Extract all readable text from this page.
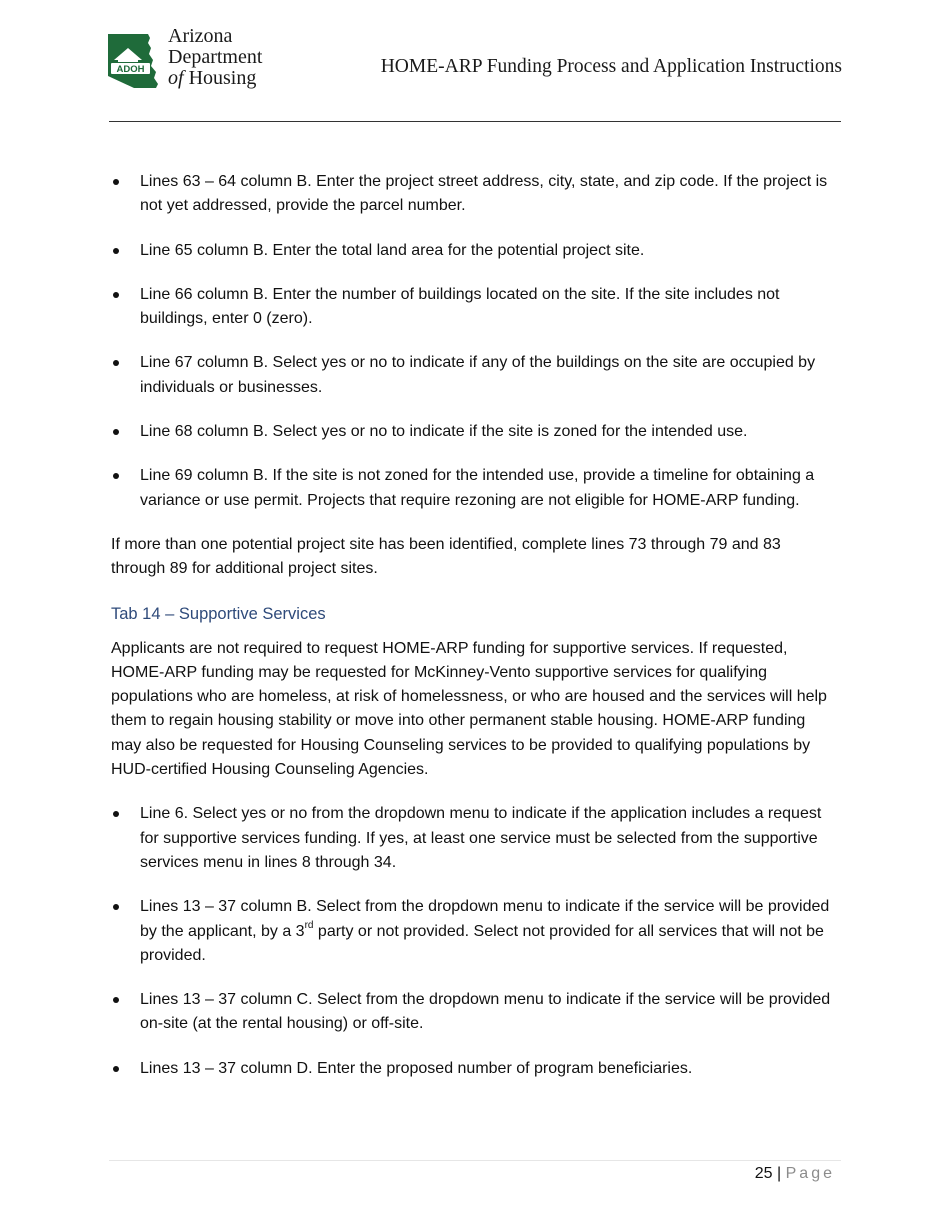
ADOH
Arizona
Department
of Housing
HOME-ARP Funding Process and Application Instructions
Lines 63 – 64 column B. Enter the project street address, city, state, and zip code. If the project is not yet addressed, provide the parcel number.
Line 65 column B. Enter the total land area for the potential project site.
Line 66 column B. Enter the number of buildings located on the site. If the site includes not buildings, enter 0 (zero).
Line 67 column B. Select yes or no to indicate if any of the buildings on the site are occupied by individuals or businesses.
Line 68 column B. Select yes or no to indicate if the site is zoned for the intended use.
Line 69 column B. If the site is not zoned for the intended use, provide a timeline for obtaining a variance or use permit. Projects that require rezoning are not eligible for HOME-ARP funding.

If more than one potential project site has been identified, complete lines 73 through 79 and 83 through 89 for additional project sites.

Tab 14 – Supportive Services

Applicants are not required to request HOME-ARP funding for supportive services. If requested, HOME-ARP funding may be requested for McKinney-Vento supportive services for qualifying populations who are homeless, at risk of homelessness, or who are housed and the services will help them to regain housing stability or move into other permanent stable housing. HOME-ARP funding may also be requested for Housing Counseling services to be provided to qualifying populations by HUD-certified Housing Counseling Agencies.

Line 6. Select yes or no from the dropdown menu to indicate if the application includes a request for supportive services funding. If yes, at least one service must be selected from the supportive services menu in lines 8 through 34.
Lines 13 – 37 column B. Select from the dropdown menu to indicate if the service will be provided by the applicant, by a 3rd party or not provided. Select not provided for all services that will not be provided.
Lines 13 – 37 column C. Select from the dropdown menu to indicate if the service will be provided on-site (at the rental housing) or off-site.
Lines 13 – 37 column D. Enter the proposed number of program beneficiaries.
25 | Page
